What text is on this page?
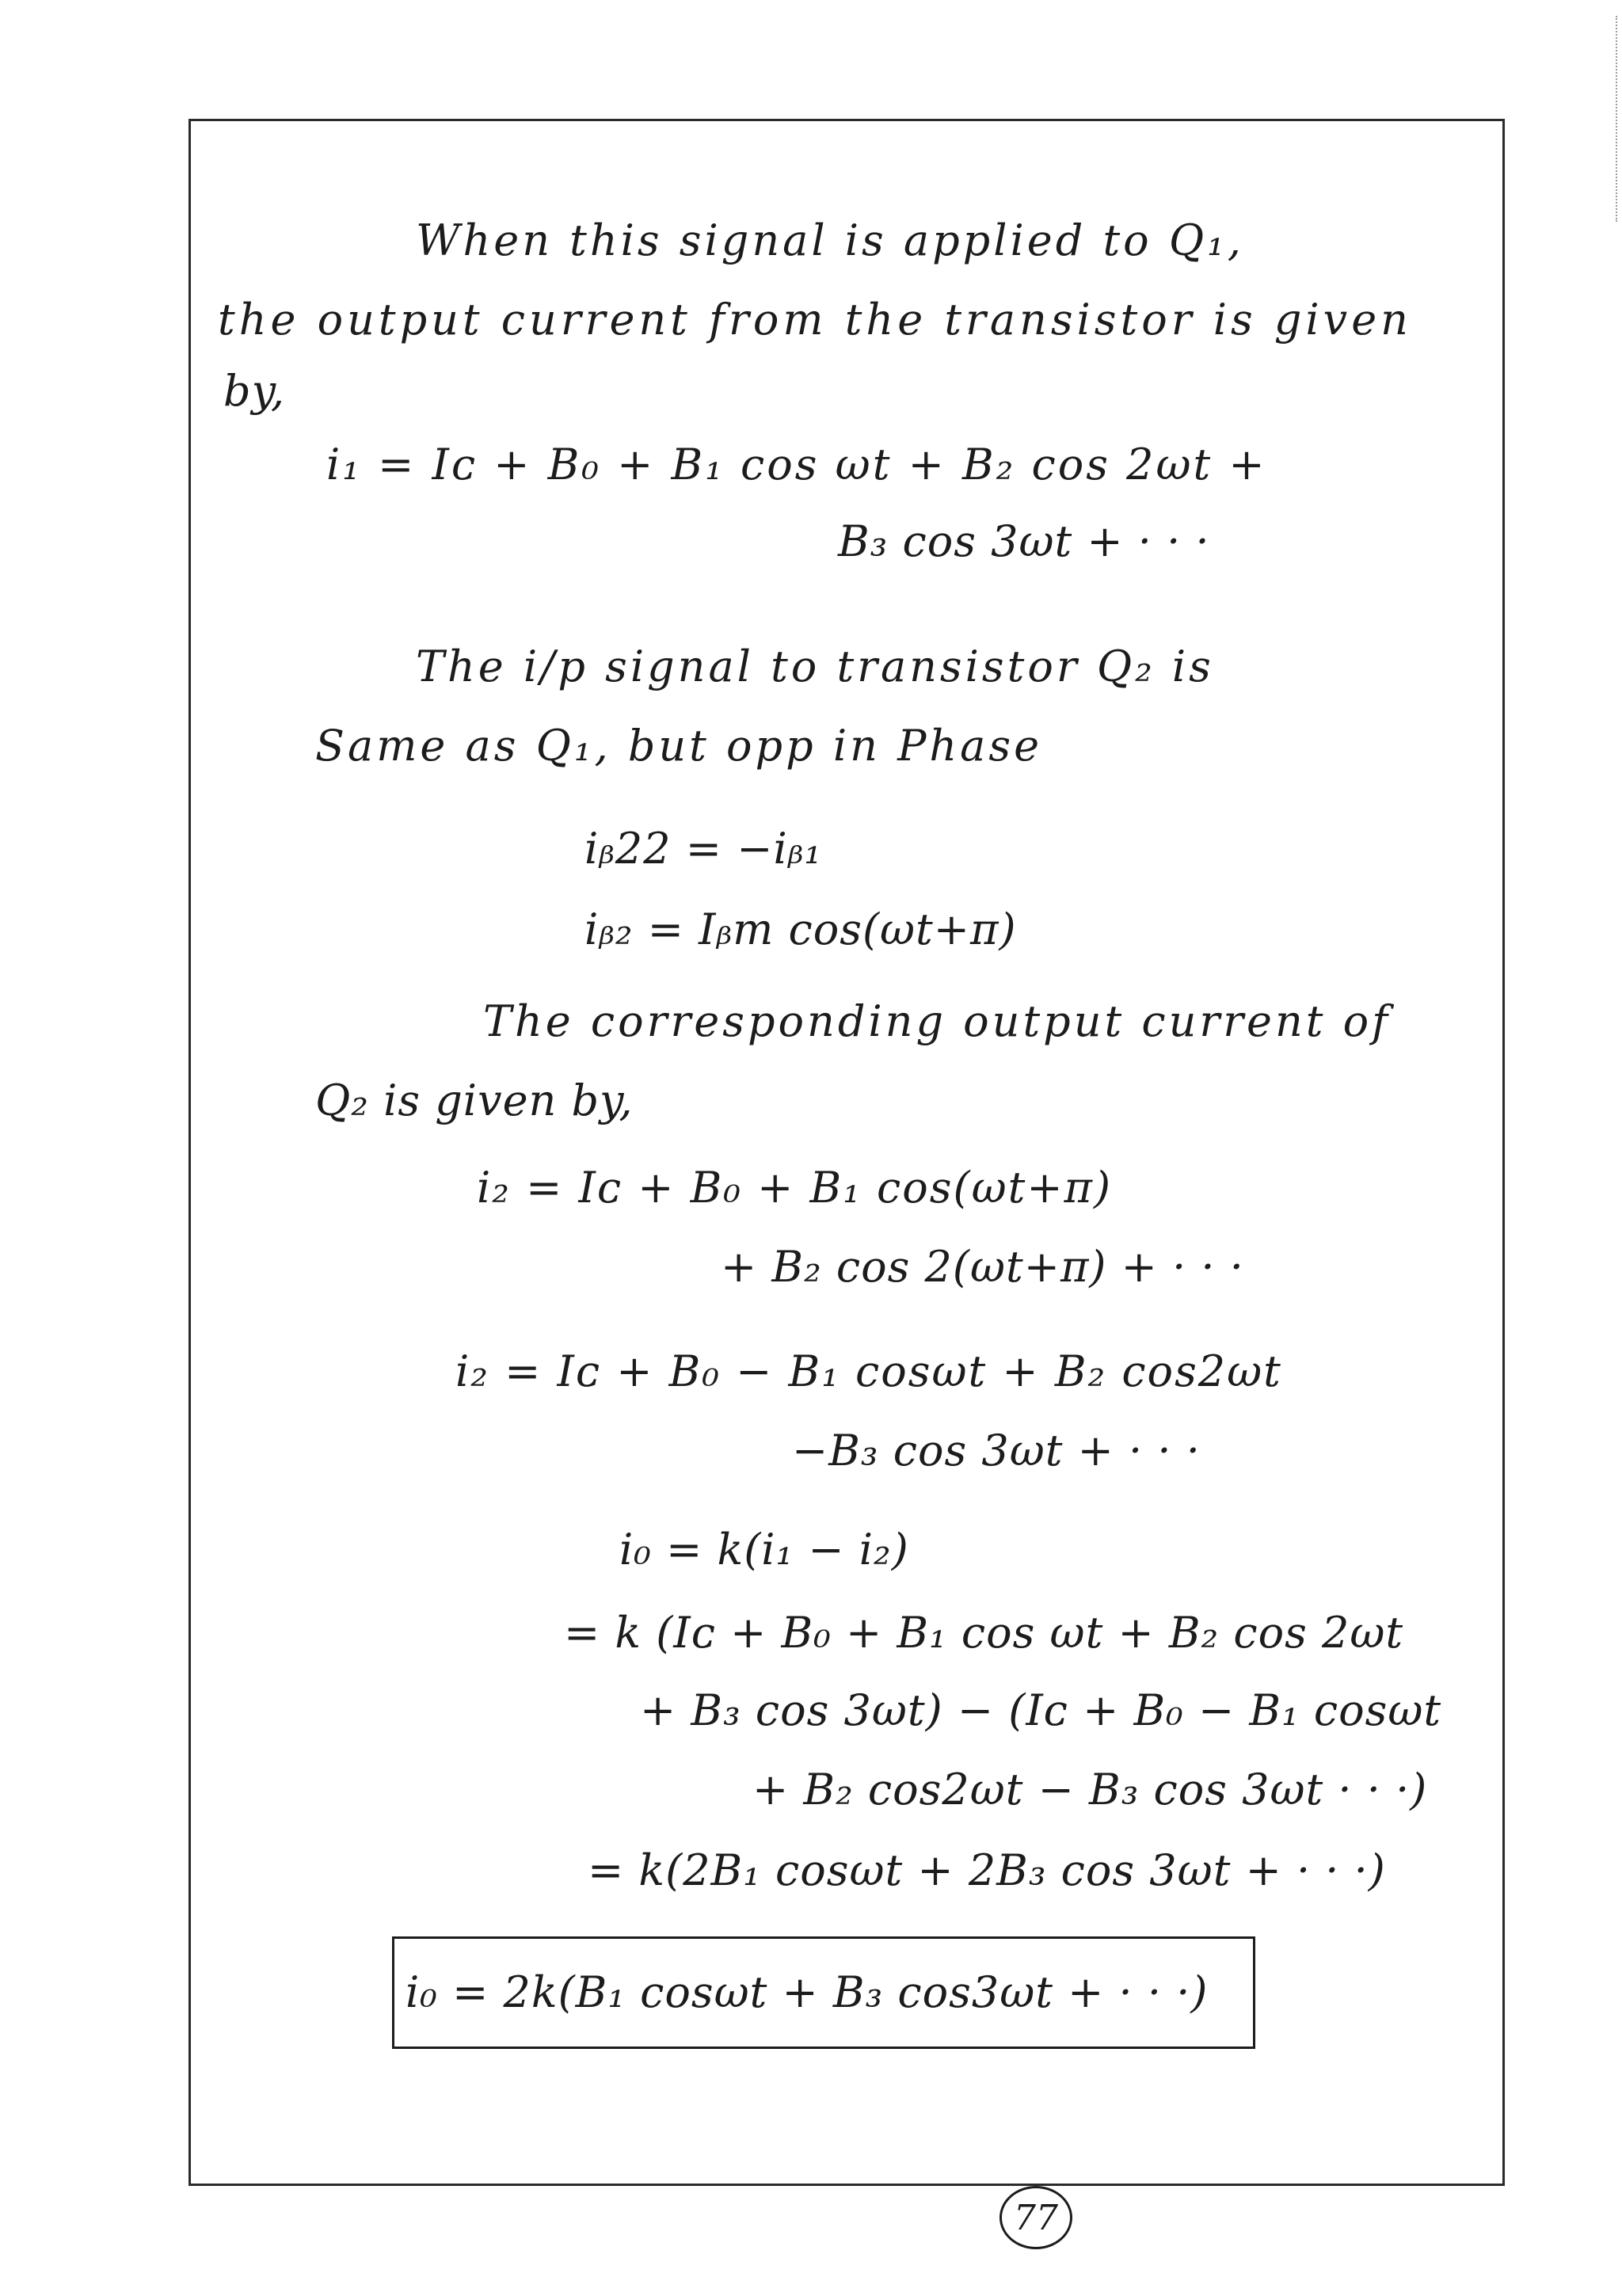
When this signal is applied to Q₁,
the output current from the transistor is given
by,
i₁ = Iᴄ + B₀ + B₁ cos ωt + B₂ cos 2ωt +
B₃ cos 3ωt + · · ·
The i/p signal to transistor Q₂ is
Same as Q₁, but opp in Phase
iᵦ22 = −iᵦ₁
iᵦ₂ = Iᵦm cos(ωt+π)
The corresponding output current of
Q₂ is given by,
i₂ = Iᴄ + B₀ + B₁ cos(ωt+π)
+ B₂ cos 2(ωt+π) + · · ·
i₂ = Iᴄ + B₀ − B₁ cosωt + B₂ cos2ωt
−B₃ cos 3ωt + · · ·
i₀ = k(i₁ − i₂)
= k (Iᴄ + B₀ + B₁ cos ωt + B₂ cos 2ωt
+ B₃ cos 3ωt) − (Iᴄ + B₀ − B₁ cosωt
+ B₂ cos2ωt − B₃ cos 3ωt · · ·)
= k(2B₁ cosωt + 2B₃ cos 3ωt + · · ·)
i₀ = 2k(B₁ cosωt + B₃ cos3ωt + · · ·)
77
